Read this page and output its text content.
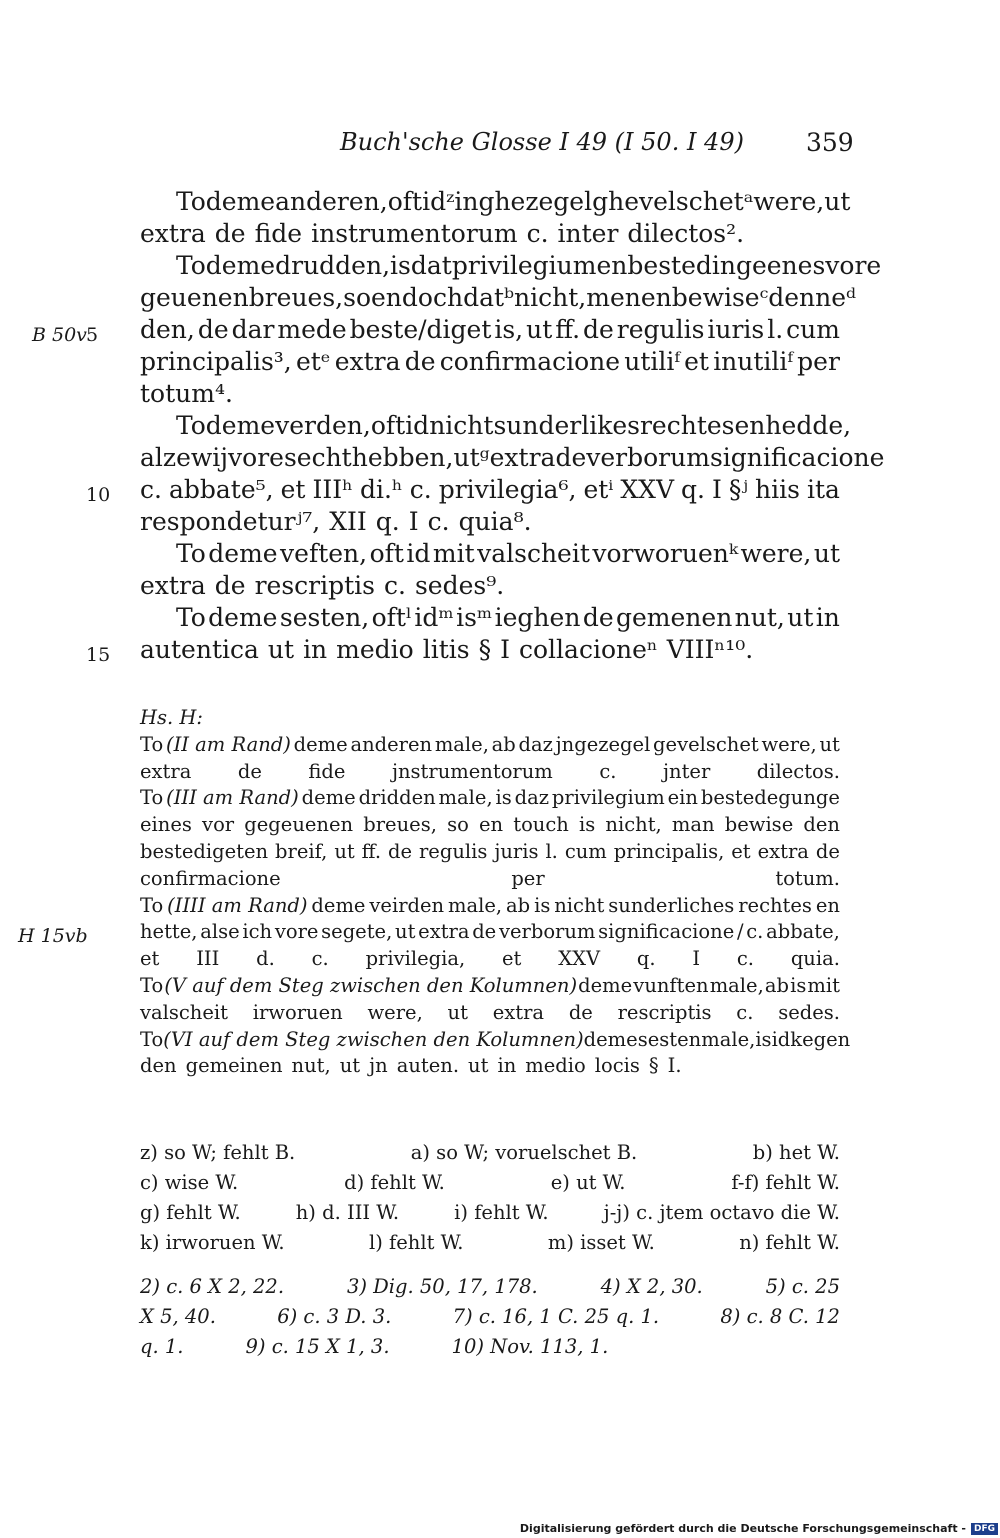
Buch'sche Glosse I 49 (I 50. I 49) 359
B 50v 5
10
15
To deme anderen, oft idᶻ inghezegel ghevelschetᵃ were, ut
extra de fide instrumentorum c. inter dilectos².
To deme drudden, is dat privilegium en bestedinge enes vore
geuenen breues, so en doch datᵇ nicht, men en bewiseᶜ denneᵈ
den, de dar mede beste/diget is, ut ff. de regulis iuris l. cum
principalis³, etᵉ extra de confirmacione utiliᶠ et inutiliᶠ per
totum⁴.
To deme verden, oft id nicht sunderlikes rechtes en hedde,
alze wij vore secht hebben, utᵍ extra de verborum significacione
c. abbate⁵, et IIIʰ di.ʰ c. privilegia⁶, etⁱ XXV q. I §ʲ hiis ita
respondeturʲ⁷, XII q. I c. quia⁸.
To deme veften, oft id mit valscheit vorworuenᵏ were, ut
extra de rescriptis c. sedes⁹.
To deme sesten, oftˡ idᵐ isᵐ ieghen de gemenen nut, ut in
autentica ut in medio litis § I collacioneⁿ VIIIⁿ¹⁰.
Hs. H:
To (II am Rand) deme anderen male, ab daz jngezegel gevelschet were, ut
extra de fide jnstrumentorum c. jnter dilectos.
To (III am Rand) deme dridden male, is daz privilegium ein bestedegunge
eines vor gegeuenen breues, so en touch is nicht, man bewise den
bestedigeten breif, ut ff. de regulis juris l. cum principalis, et extra de
confirmacione	per	totum.
To (IIII am Rand) deme veirden male, ab is nicht sunderliches rechtes en
hette, alse ich vore segete, ut extra de verborum significacione / c. abbate,
et III d. c. privilegia, et XXV q. I c. quia.
To (V auf dem Steg zwischen den Kolumnen) deme vunften male, ab is mit
valscheit irworuen were, ut extra de rescriptis c. sedes.
To (VI auf dem Steg zwischen den Kolumnen) deme sesten male, is id kegen
den gemeinen nut, ut jn auten. ut in medio locis § I.
H 15vb
z) so W; fehlt B.	a) so W; voruelschet B.	b) het W.
c) wise W.	d) fehlt W.	e) ut W.	f-f) fehlt W.
g) fehlt W.	h) d. III W.	i) fehlt W.	j-j) c. jtem octavo die W.
k) irworuen W.	l) fehlt W.	m) isset W.	n) fehlt W.
2) c. 6 X 2, 22.	3) Dig. 50, 17, 178.	4) X 2, 30.	5) c. 25
X 5, 40.	6) c. 3 D. 3.	7) c. 16, 1 C. 25 q. 1.	8) c. 8 C. 12
q. 1.	9) c. 15 X 1, 3.	10) Nov. 113, 1.
Digitalisierung gefördert durch die Deutsche Forschungsgemeinschaft - DFG
